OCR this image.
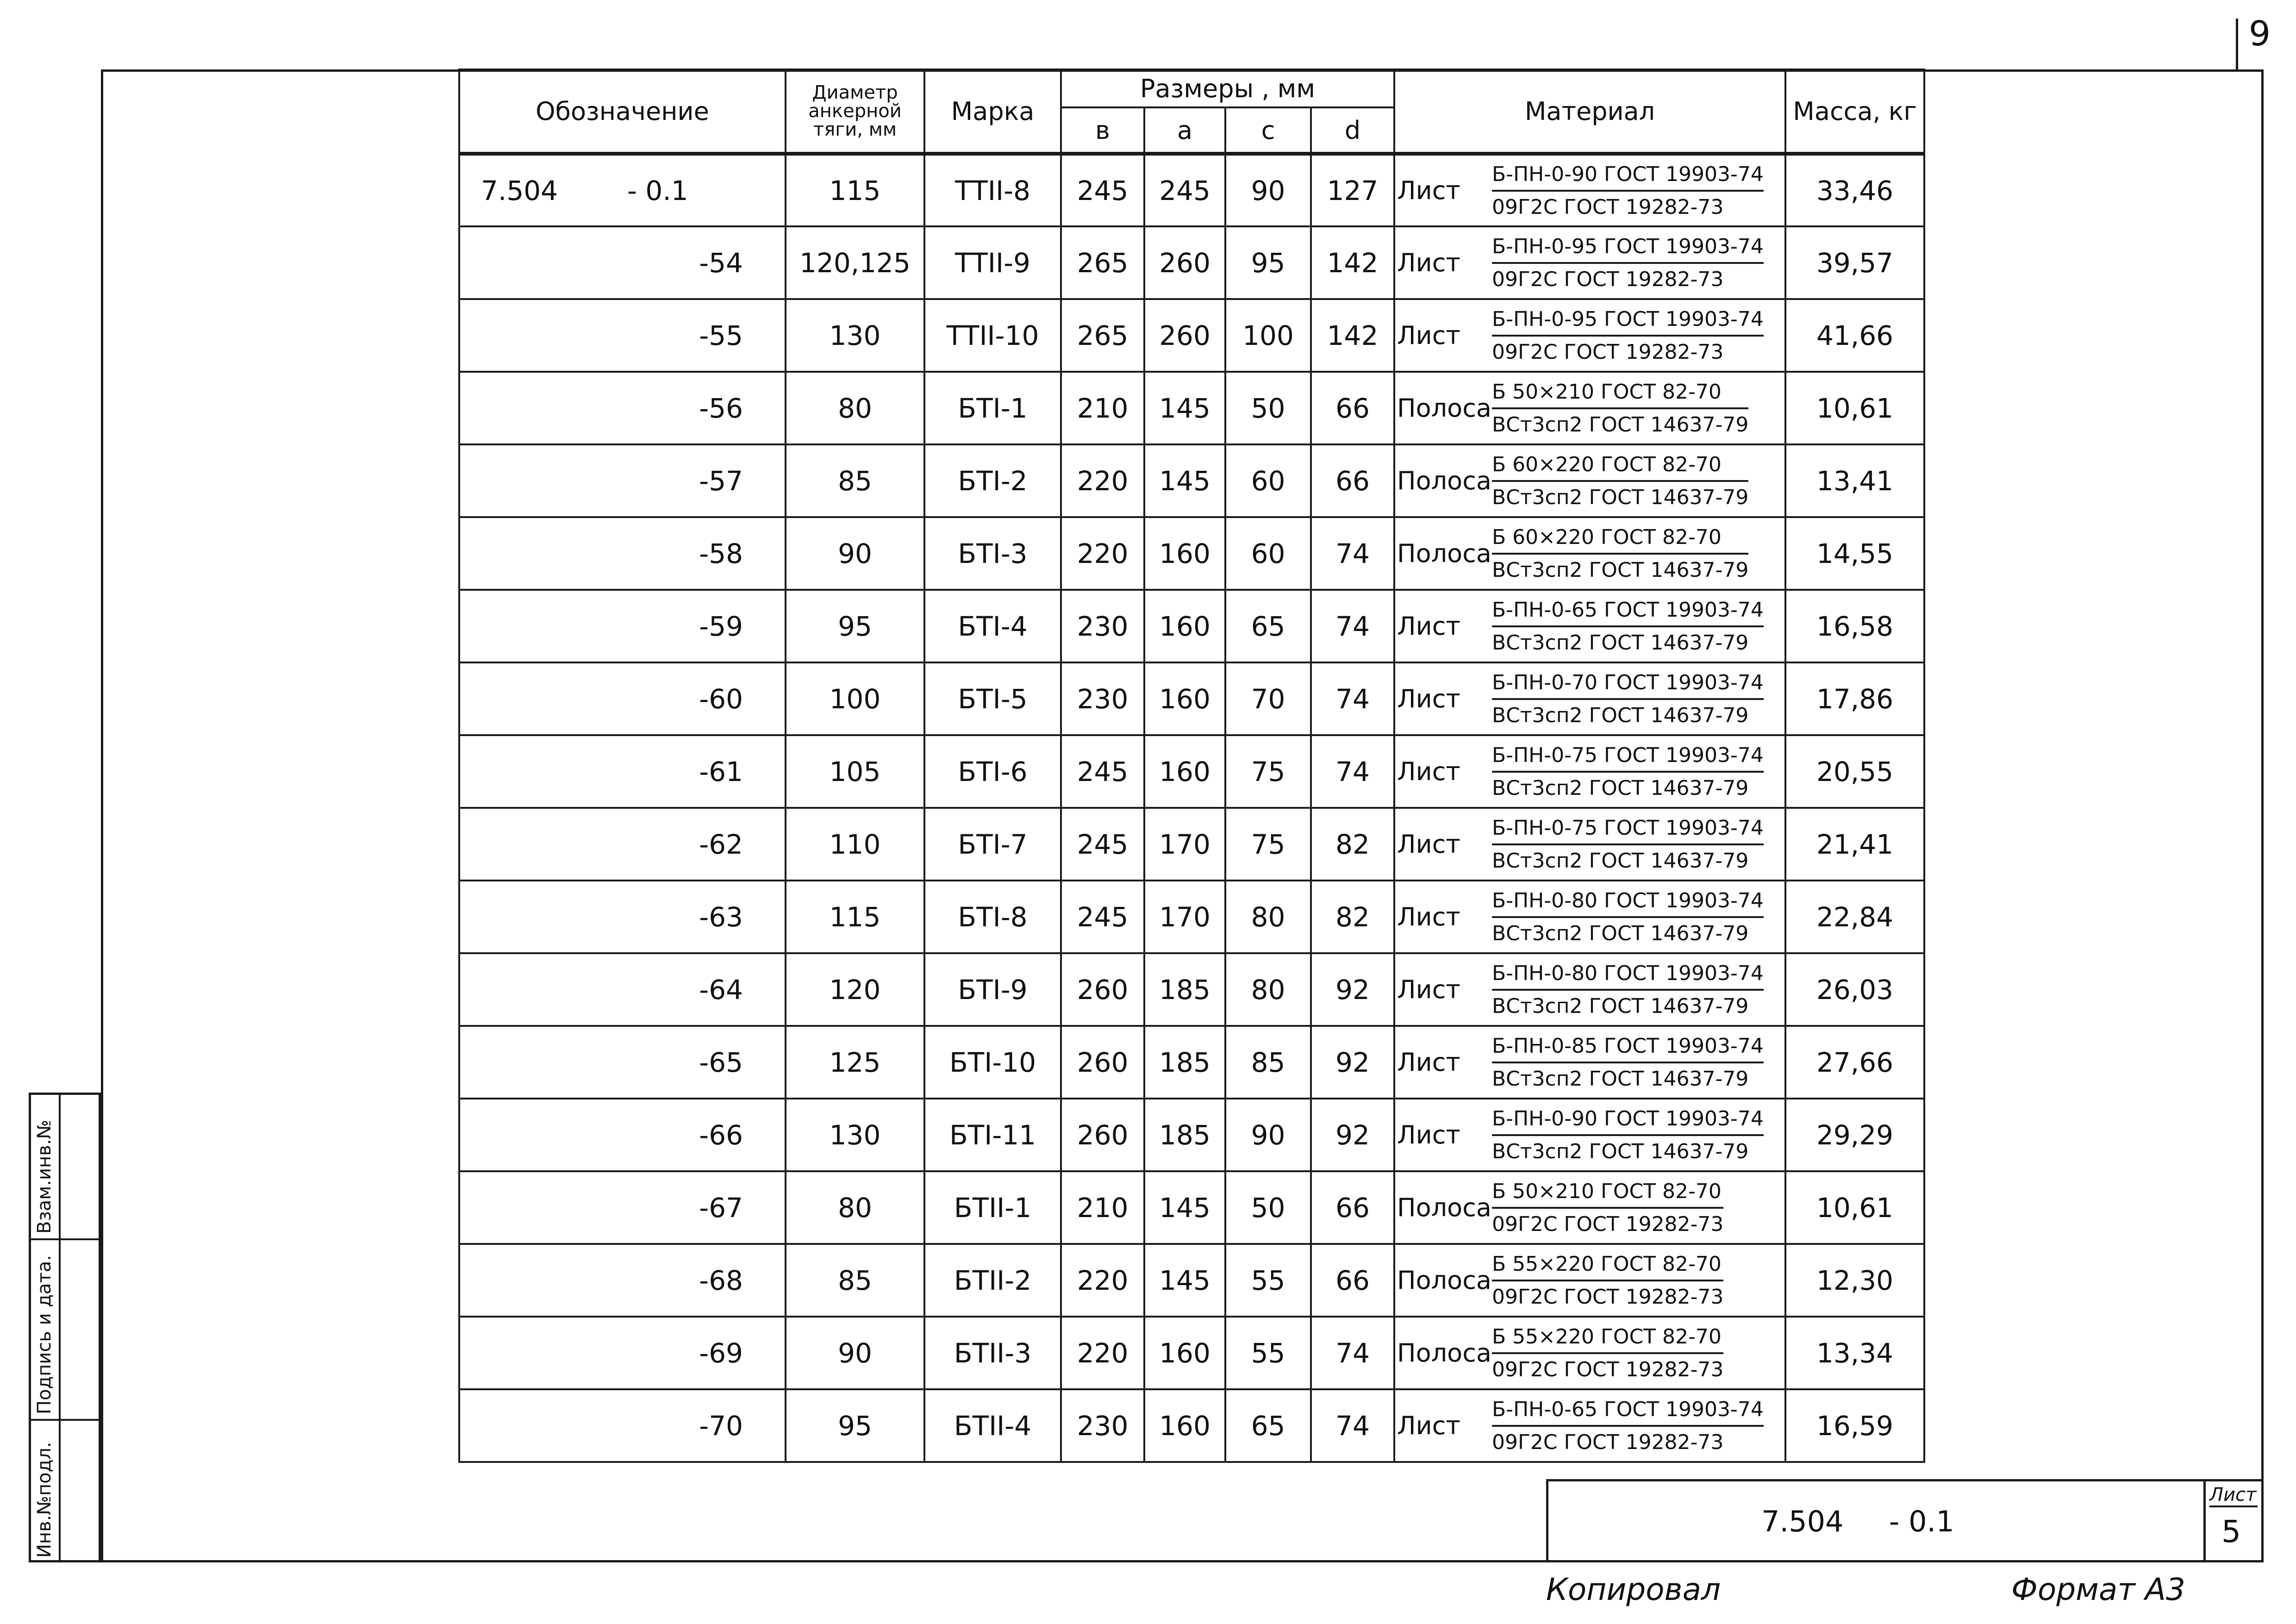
9
Инв.№подл.
Подпись и дата.
Взам.инв.№
Обозначение	Диаметр анкерной тяги, мм	Марка	Размеры , мм				Материал	Масса, кг
			в	a	c	d		
7.504 - 0.1	115	ТТII-8	245	245	90	127	Лист $\frac{\text{Б-ПН-0-90 ГОСТ 19903-74}}{\text{09Г2С ГОСТ 19282-73}}$	33,46
-54	120,125	ТТII-9	265	260	95	142	Лист $\frac{\text{Б-ПН-0-95 ГОСТ 19903-74}}{\text{09Г2С ГОСТ 19282-73}}$	39,57
-55	130	ТТII-10	265	260	100	142	Лист $\frac{\text{Б-ПН-0-95 ГОСТ 19903-74}}{\text{09Г2С ГОСТ 19282-73}}$	41,66
-56	80	БТI-1	210	145	50	66	Полоса $\frac{\text{Б 50×210 ГОСТ 82-70}}{\text{ВСт3сп2 ГОСТ 14637-79}}$	10,61
-57	85	БТI-2	220	145	60	66	Полоса $\frac{\text{Б 60×220 ГОСТ 82-70}}{\text{ВСт3сп2 ГОСТ 14637-79}}$	13,41
-58	90	БТI-3	220	160	60	74	Полоса $\frac{\text{Б 60×220 ГОСТ 82-70}}{\text{ВСт3сп2 ГОСТ 14637-79}}$	14,55
-59	95	БТI-4	230	160	65	74	Лист $\frac{\text{Б-ПН-0-65 ГОСТ 19903-74}}{\text{ВСт3сп2 ГОСТ 14637-79}}$	16,58
-60	100	БТI-5	230	160	70	74	Лист $\frac{\text{Б-ПН-0-70 ГОСТ 19903-74}}{\text{ВСт3сп2 ГОСТ 14637-79}}$	17,86
-61	105	БТI-6	245	160	75	74	Лист $\frac{\text{Б-ПН-0-75 ГОСТ 19903-74}}{\text{ВСт3сп2 ГОСТ 14637-79}}$	20,55
-62	110	БТI-7	245	170	75	82	Лист $\frac{\text{Б-ПН-0-75 ГОСТ 19903-74}}{\text{ВСт3сп2 ГОСТ 14637-79}}$	21,41
-63	115	БТI-8	245	170	80	82	Лист $\frac{\text{Б-ПН-0-80 ГОСТ 19903-74}}{\text{ВСт3сп2 ГОСТ 14637-79}}$	22,84
-64	120	БТI-9	260	185	80	92	Лист $\frac{\text{Б-ПН-0-80 ГОСТ 19903-74}}{\text{ВСт3сп2 ГОСТ 14637-79}}$	26,03
-65	125	БТI-10	260	185	85	92	Лист $\frac{\text{Б-ПН-0-85 ГОСТ 19903-74}}{\text{ВСт3сп2 ГОСТ 14637-79}}$	27,66
-66	130	БТI-11	260	185	90	92	Лист $\frac{\text{Б-ПН-0-90 ГОСТ 19903-74}}{\text{ВСт3сп2 ГОСТ 14637-79}}$	29,29
-67	80	БТII-1	210	145	50	66	Полоса $\frac{\text{Б 50×210 ГОСТ 82-70}}{\text{09Г2С ГОСТ 19282-73}}$	10,61
-68	85	БТII-2	220	145	55	66	Полоса $\frac{\text{Б 55×220 ГОСТ 82-70}}{\text{09Г2С ГОСТ 19282-73}}$	12,30
-69	90	БТII-3	220	160	55	74	Полоса $\frac{\text{Б 55×220 ГОСТ 82-70}}{\text{09Г2С ГОСТ 19282-73}}$	13,34
-70	95	БТII-4	230	160	65	74	Лист $\frac{\text{Б-ПН-0-65 ГОСТ 19903-74}}{\text{09Г2С ГОСТ 19282-73}}$	16,59
7.504     - 0.1
Лист
5
Копировал	Формат A3
